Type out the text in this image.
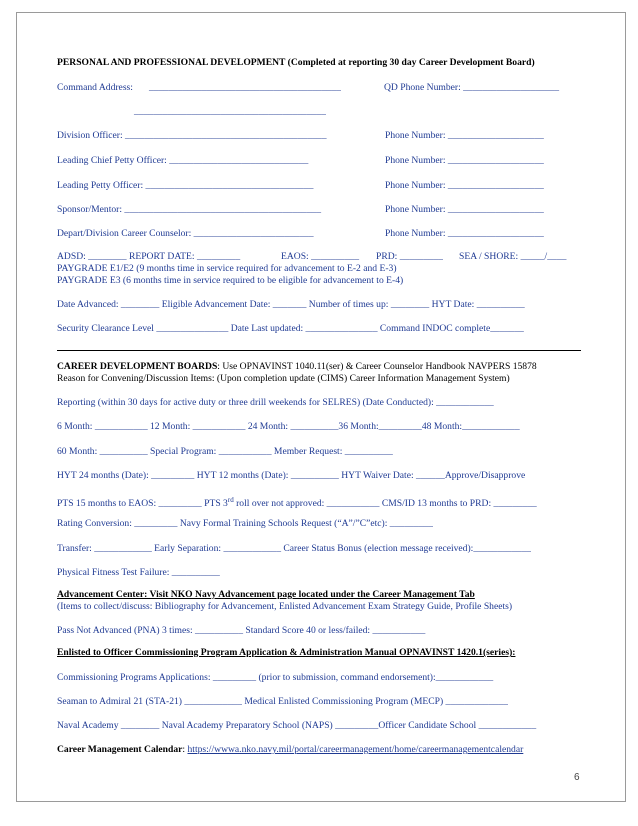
PERSONAL AND PROFESSIONAL DEVELOPMENT (Completed at reporting 30 day Career Development Board)
Command Address: ________________________________________	QD Phone Number: ____________________
________________________________________
Division Officer: __________________________________________	Phone Number: ____________________
Leading Chief Petty Officer: _____________________________	Phone Number: ____________________
Leading Petty Officer: ___________________________________	Phone Number: ____________________
Sponsor/Mentor: _________________________________________	Phone Number: ____________________
Depart/Division Career Counselor: _________________________	Phone Number: ____________________
ADSD: ________ REPORT DATE: _________	EAOS: __________ PRD: _________ SEA / SHORE: _____/____
PAYGRADE E1/E2 (9 months time in service required for advancement to E-2 and E-3)
PAYGRADE E3 (6 months time in service required to be eligible for advancement to E-4)
Date Advanced: ________ Eligible Advancement Date: _______ Number of times up: ________ HYT Date: __________
Security Clearance Level _______________ Date Last updated: _______________ Command INDOC complete_______
CAREER DEVELOPMENT BOARDS: Use OPNAVINST 1040.11(ser) & Career Counselor Handbook NAVPERS 15878
Reason for Convening/Discussion Items: (Upon completion update (CIMS) Career Information Management System)
Reporting (within 30 days for active duty or three drill weekends for SELRES) (Date Conducted): ____________
6 Month: ___________ 12 Month: ___________ 24 Month: __________36 Month:_________48 Month:____________
60 Month: __________ Special Program: ___________ Member Request: __________
HYT 24 months (Date): _________ HYT 12 months (Date): __________ HYT Waiver Date: ______Approve/Disapprove
PTS 15 months to EAOS: _________ PTS 3rd roll over not approved: ___________ CMS/ID 13 months to PRD: _________
Rating Conversion: _________ Navy Formal Training Schools Request (“A”/”C”etc): _________
Transfer: ____________ Early Separation: ____________ Career Status Bonus (election message received):____________
Physical Fitness Test Failure: __________
Advancement Center: Visit NKO Navy Advancement page located under the Career Management Tab
(Items to collect/discuss: Bibliography for Advancement, Enlisted Advancement Exam Strategy Guide, Profile Sheets)
Pass Not Advanced (PNA) 3 times: __________ Standard Score 40 or less/failed: ___________
Enlisted to Officer Commissioning Program Application & Administration Manual OPNAVINST 1420.1(series):
Commissioning Programs Applications: _________ (prior to submission, command endorsement):____________
Seaman to Admiral 21 (STA-21) ____________ Medical Enlisted Commissioning Program (MECP) _____________
Naval Academy ________ Naval Academy Preparatory School (NAPS) _________Officer Candidate School ____________
Career Management Calendar: https://wwwa.nko.navy.mil/portal/careermanagement/home/careermanagementcalendar
6
